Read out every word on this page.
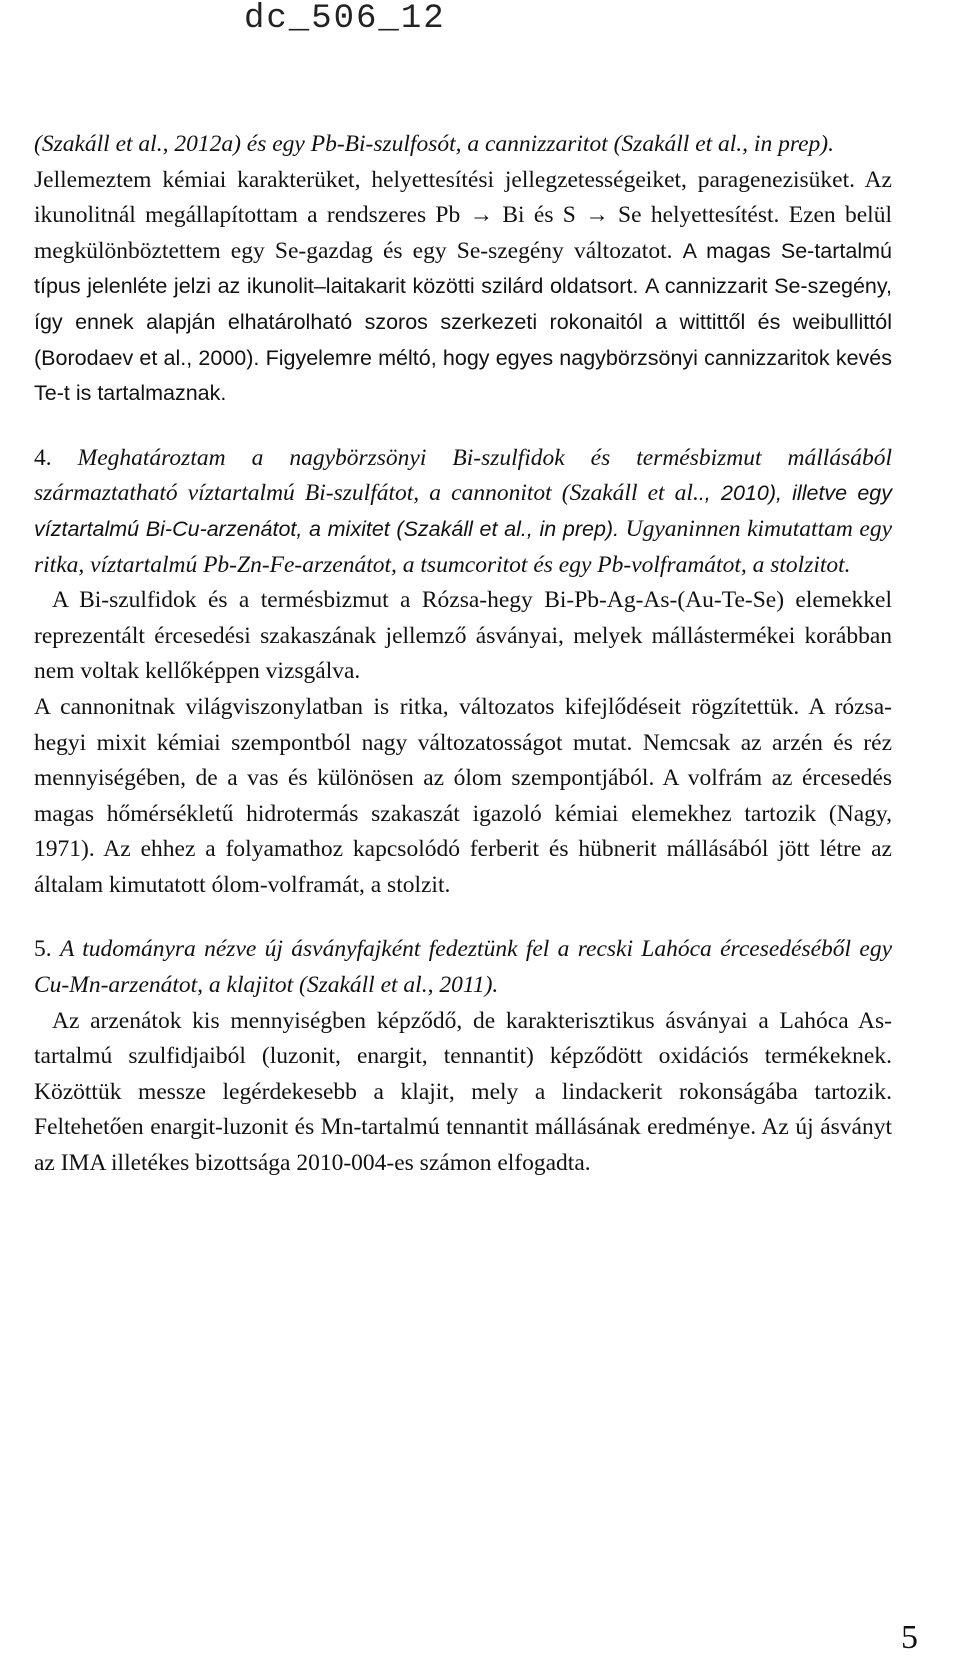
dc_506_12

(Szakáll et al., 2012a) és egy Pb-Bi-szulfosót, a cannizzaritot (Szakáll et al., in prep).

Jellemeztem kémiai karakterüket, helyettesítési jellegzetességeiket, paragenezisüket. Az ikunolitnál megállapítottam a rendszeres Pb → Bi és S → Se helyettesítést. Ezen belül megkülönböztettem egy Se-gazdag és egy Se-szegény változatot. A magas Se-tartalmú típus jelenléte jelzi az ikunolit–laitakarit közötti szilárd oldatsort. A cannizzarit Se-szegény, így ennek alapján elhatárolható szoros szerkezeti rokonaitól a wittittől és weibullittól (Borodaev et al., 2000). Figyelemre méltó, hogy egyes nagybörzsönyi cannizzaritok kevés Te-t is tartalmaznak.

4. Meghatároztam a nagybörzsönyi Bi-szulfidok és termésbizmut mállásából származtatható víztartalmú Bi-szulfátot, a cannonitot (Szakáll et al.., 2010), illetve egy víztartalmú Bi-Cu-arzenátot, a mixitet (Szakáll et al., in prep). Ugyaninnen kimutattam egy ritka, víztartalmú Pb-Zn-Fe-arzenátot, a tsumcoritot és egy Pb-volframátot, a stolzitot.

A Bi-szulfidok és a termésbizmut a Rózsa-hegy Bi-Pb-Ag-As-(Au-Te-Se) elemekkel reprezentált ércesedési szakaszának jellemző ásványai, melyek mállástermékei korábban nem voltak kellőképpen vizsgálva.

A cannonitnak világviszonylatban is ritka, változatos kifejlődéseit rögzítettük. A rózsa-hegyi mixit kémiai szempontból nagy változatosságot mutat. Nemcsak az arzén és réz mennyiségében, de a vas és különösen az ólom szempontjából. A volfrám az ércesedés magas hőmérsékletű hidrotermás szakaszát igazoló kémiai elemekhez tartozik (Nagy, 1971). Az ehhez a folyamathoz kapcsolódó ferberit és hübnerit mállásából jött létre az általam kimutatott ólom-volframát, a stolzit.

5. A tudományra nézve új ásványfajként fedeztünk fel a recski Lahóca ércesedéséből egy Cu-Mn-arzenátot, a klajitot (Szakáll et al., 2011).

Az arzenátok kis mennyiségben képződő, de karakterisztikus ásványai a Lahóca As-tartalmú szulfidjaiból (luzonit, enargit, tennantit) képződött oxidációs termékeknek. Közöttük messze legérdekesebb a klajit, mely a lindackerit rokonságába tartozik. Feltehetően enargit-luzonit és Mn-tartalmú tennantit mállásának eredménye. Az új ásványt az IMA illetékes bizottsága 2010-004-es számon elfogadta.

5
